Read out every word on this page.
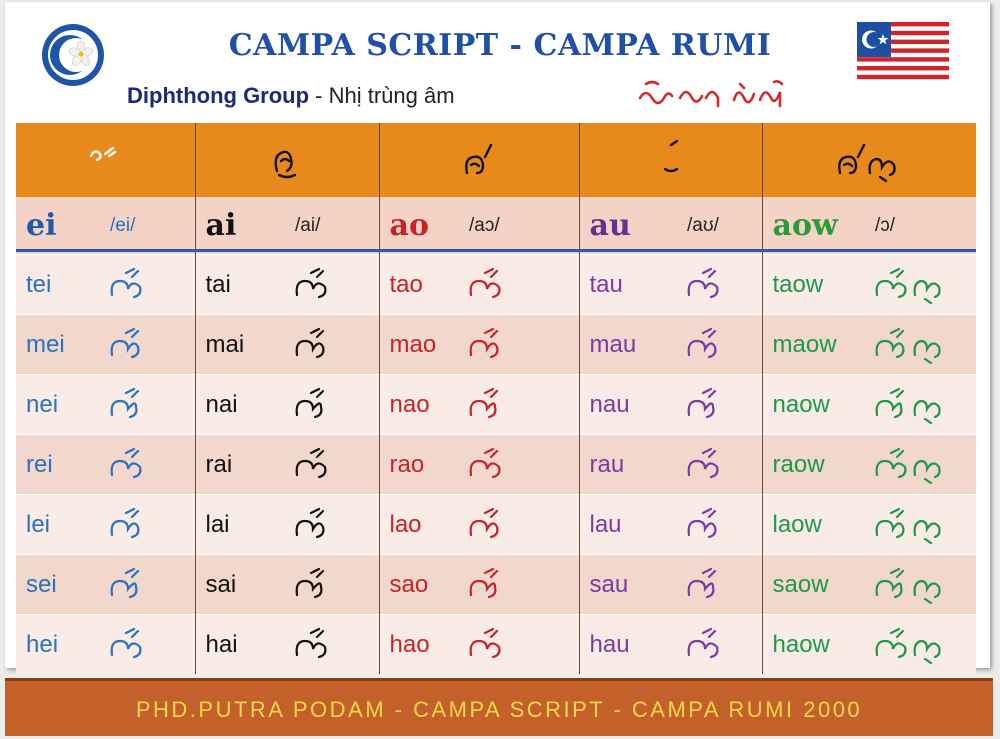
CAMPA SCRIPT - CAMPA RUMI
Diphthong Group - Nhị trùng âm

ei	/ei/	ai	/ai/	ao	/aɔ/	au	/aʊ/	aow	/ɔ/
tei		tai		tao		tau		taow	

mei		mai		mao		mau		maow	

nei		nai		nao		nau		naow	

rei		rai		rao		rau		raow	

lei		lai		lao		lau		laow	

sei		sai		sao		sau		saow	

hei		hai		hao		hau		haow	
PHD.PUTRA PODAM - CAMPA SCRIPT - CAMPA RUMI 2000
